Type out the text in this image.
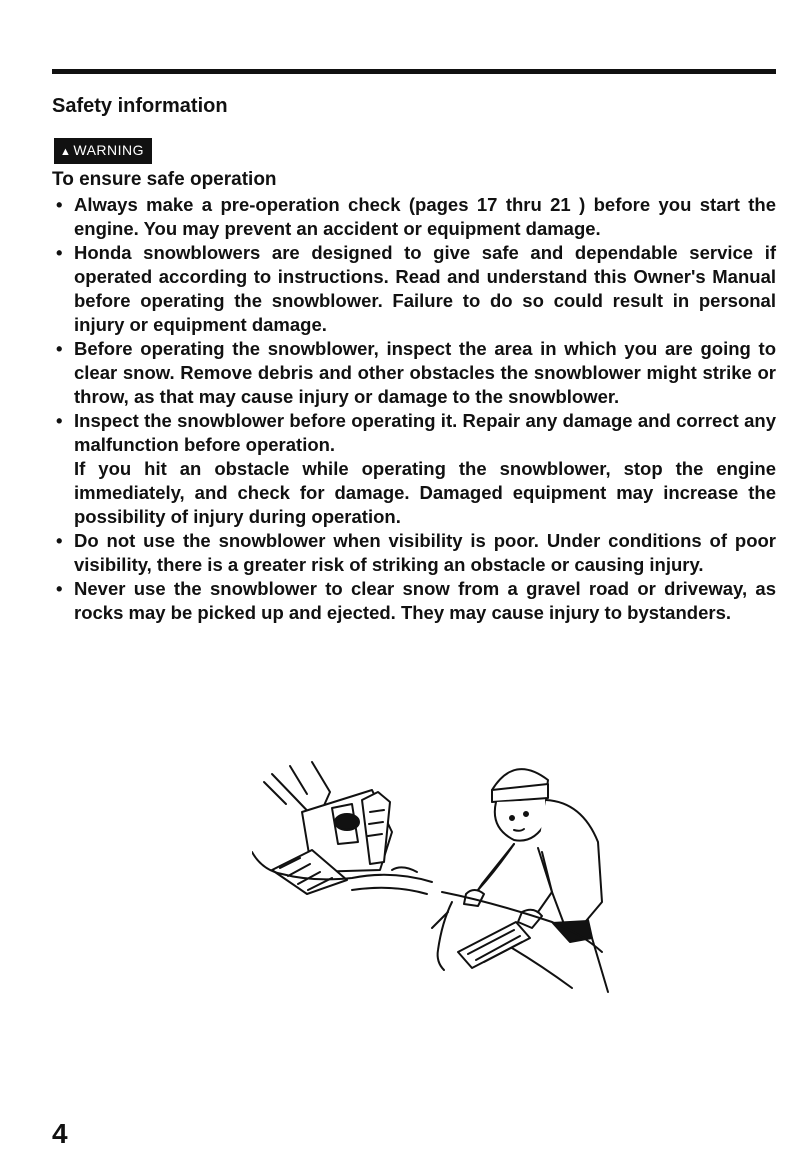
Safety information
▲ WARNING

To ensure safe operation

• Always make a pre-operation check (pages 17 thru 21 ) before you start the engine. You may prevent an accident or equipment damage.

• Honda snowblowers are designed to give safe and dependable service if operated according to instructions. Read and understand this Owner's Manual before operating the snowblower. Failure to do so could result in personal injury or equipment damage.

• Before operating the snowblower, inspect the area in which you are going to clear snow. Remove debris and other obstacles the snowblower might strike or throw, as that may cause injury or damage to the snowblower.

• Inspect the snowblower before operating it. Repair any damage and correct any malfunction before operation.

If you hit an obstacle while operating the snowblower, stop the engine immediately, and check for damage. Damaged equipment may increase the possibility of injury during operation.

• Do not use the snowblower when visibility is poor. Under conditions of poor visibility, there is a greater risk of striking an obstacle or causing injury.

• Never use the snowblower to clear snow from a gravel road or driveway, as rocks may be picked up and ejected. They may cause injury to bystanders.

4
